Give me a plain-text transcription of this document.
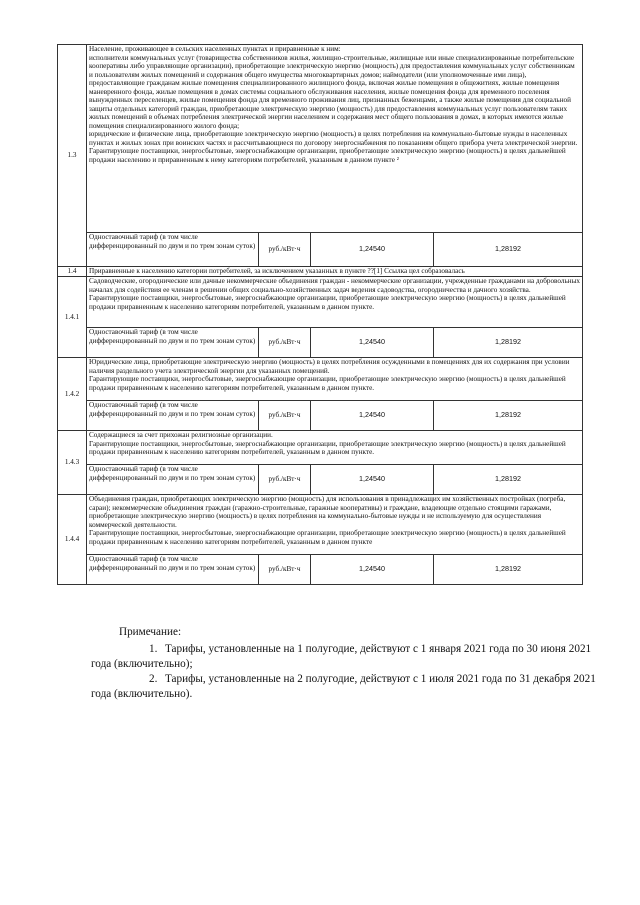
1.3	Население, проживающее в сельских населенных пунктах и приравненные к ним:
исполнители коммунальных услуг (товарищества собственников жилья, жилищно-строительные, жилищные или иные специализированные потребительские кооперативы либо управляющие организации), приобретающие электрическую энергию (мощность) для предоставления коммунальных услуг собственникам и пользователям жилых помещений и содержания общего имущества многоквартирных домов; наймодатели (или уполномоченные ими лица), предоставляющие гражданам жилые помещения специализированного жилищного фонда, включая жилые помещения в общежитиях, жилые помещения маневренного фонда, жилые помещения в домах системы социального обслуживания населения, жилые помещения фонда для временного поселения вынужденных переселенцев, жилые помещения фонда для временного проживания лиц, признанных беженцами, а также жилые помещения для социальной защиты отдельных категорий граждан, приобретающие электрическую энергию (мощность) для предоставления коммунальных услуг пользователям таких жилых помещений в объемах потребления электрической энергии населением и содержания мест общего пользования в домах, в которых имеются жилые помещения специализированного жилого фонда;
юридические и физические лица, приобретающие электрическую энергию (мощность) в целях потребления на коммунально-бытовые нужды в населенных пунктах и жилых зонах при воинских частях и рассчитывающиеся по договору энергоснабжения по показаниям общего прибора учета электрической энергии.
Гарантирующие поставщики, энергосбытовые, энергоснабжающие организации, приобретающие электрическую энергию (мощность) в целях дальнейшей продажи населению и приравненным к нему категориям потребителей, указанным в данном пункте ²			

	Одноставочный тариф (в том числе дифференцированный по двум и по трем зонам суток)	руб./кВт·ч	1,24540	1,28192
1.4	Приравненные к населению категории потребителей, за исключением указанных в пункте ??[1] Ссылка цел собразовалась			

1.4.1	Садоводческие, огороднические или дачные некоммерческие объединения граждан - некоммерческие организации, учрежденные гражданами на добровольных началах для содействия ее членам в решении общих социально-хозяйственных задач ведения садоводства, огородничества и дачного хозяйства.
Гарантирующие поставщики, энергосбытовые, энергоснабжающие организации, приобретающие электрическую энергию (мощность) в целях дальнейшей продажи приравненным к населению категориям потребителей, указанным в данном пункте.			

	Одноставочный тариф (в том числе дифференцированный по двум и по трем зонам суток)	руб./кВт·ч	1,24540	1,28192
1.4.2	Юридические лица, приобретающие электрическую энергию (мощность) в целях потребления осужденными в помещениях для их содержания при условии наличия раздельного учета электрической энергии для указанных помещений.
Гарантирующие поставщики, энергосбытовые, энергоснабжающие организации, приобретающие электрическую энергию (мощность) в целях дальнейшей продажи приравненным к населению категориям потребителей, указанным в данном пункте.			

	Одноставочный тариф (в том числе дифференцированный по двум и по трем зонам суток)	руб./кВт·ч	1,24540	1,28192
1.4.3	Содержащиеся за счет прихожан религиозные организации.
Гарантирующие поставщики, энергосбытовые, энергоснабжающие организации, приобретающие электрическую энергию (мощность) в целях дальнейшей продажи приравненным к населению категориям потребителей, указанным в данном пункте.			

	Одноставочный тариф (в том числе дифференцированный по двум и по трем зонам суток)	руб./кВт·ч	1,24540	1,28192
1.4.4	Объединения граждан, приобретающих электрическую энергию (мощность) для использования в принадлежащих им хозяйственных постройках (погреба, сараи); некоммерческие объединения граждан (гаражно-строительные, гаражные кооперативы) и граждане, владеющие отдельно стоящими гаражами, приобретающие электрическую энергию (мощность) в целях потребления на коммунально-бытовые нужды и не используемую для осуществления коммерческой деятельности.
Гарантирующие поставщики, энергосбытовые, энергоснабжающие организации, приобретающие электрическую энергию (мощность) в целях дальнейшей продажи приравненным к населению категориям потребителей, указанным в данном пункте			

	Одноставочный тариф (в том числе дифференцированный по двум и по трем зонам суток)	руб./кВт·ч	1,24540	1,28192
Примечание:
1. Тарифы, установленные на 1 полугодие, действуют с 1 января 2021 года по 30 июня 2021 года (включительно);
2. Тарифы, установленные на 2 полугодие, действуют с 1 июля 2021 года по 31 декабря 2021 года (включительно).
